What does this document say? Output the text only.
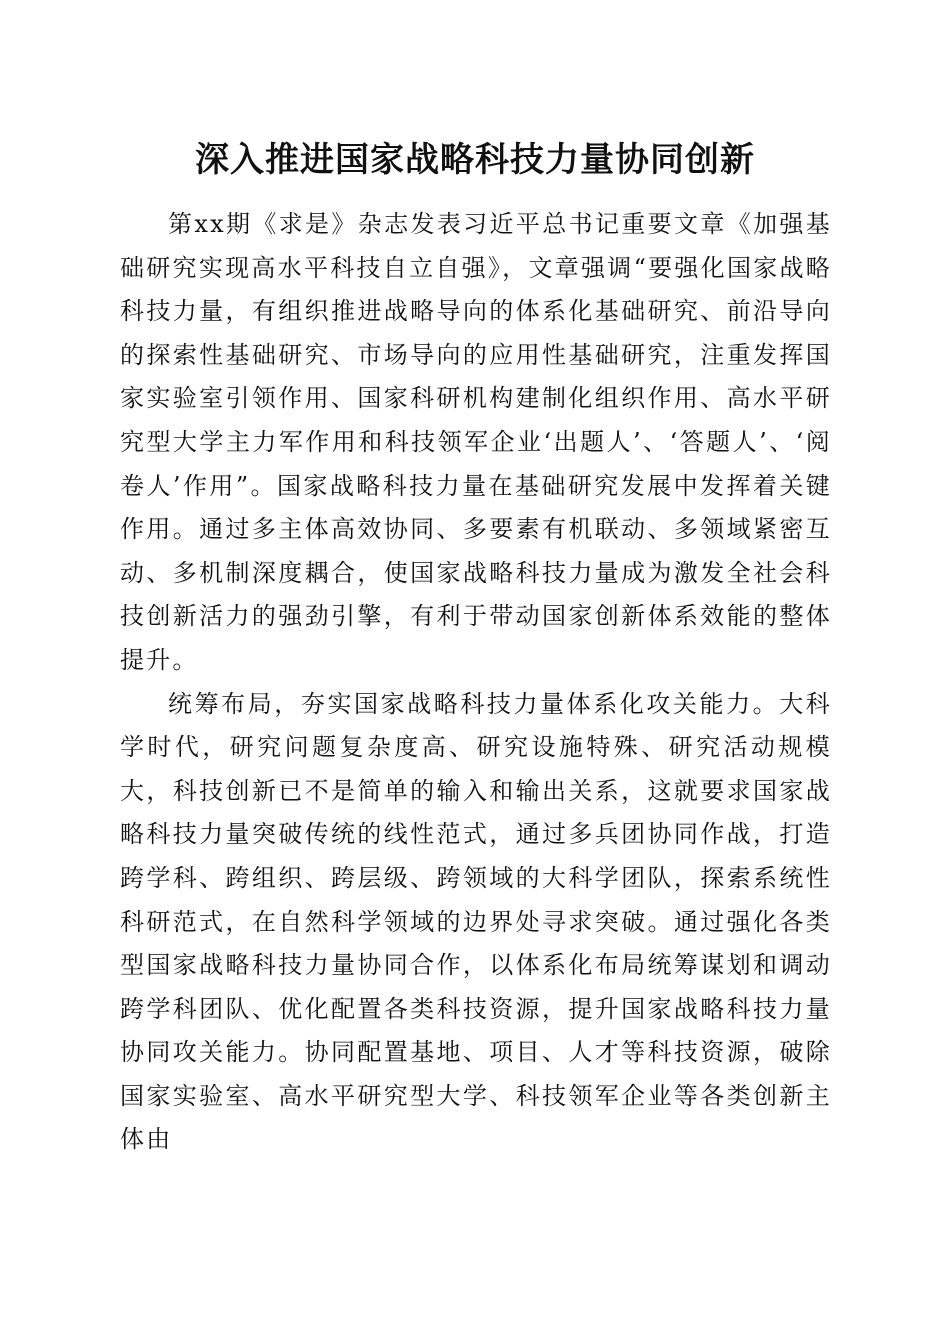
深入推进国家战略科技力量协同创新

第xx期《求是》杂志发表习近平总书记重要文章《加强基础研究实现高水平科技自立自强》，文章强调“要强化国家战略科技力量，有组织推进战略导向的体系化基础研究、前沿导向的探索性基础研究、市场导向的应用性基础研究，注重发挥国家实验室引领作用、国家科研机构建制化组织作用、高水平研究型大学主力军作用和科技领军企业‘出题人’、‘答题人’、‘阅卷人’作用”。国家战略科技力量在基础研究发展中发挥着关键作用。通过多主体高效协同、多要素有机联动、多领域紧密互动、多机制深度耦合，使国家战略科技力量成为激发全社会科技创新活力的强劲引擎，有利于带动国家创新体系效能的整体提升。

统筹布局，夯实国家战略科技力量体系化攻关能力。大科学时代，研究问题复杂度高、研究设施特殊、研究活动规模大，科技创新已不是简单的输入和输出关系，这就要求国家战略科技力量突破传统的线性范式，通过多兵团协同作战，打造跨学科、跨组织、跨层级、跨领域的大科学团队，探索系统性科研范式，在自然科学领域的边界处寻求突破。通过强化各类型国家战略科技力量协同合作，以体系化布局统筹谋划和调动跨学科团队、优化配置各类科技资源，提升国家战略科技力量协同攻关能力。协同配置基地、项目、人才等科技资源，破除国家实验室、高水平研究型大学、科技领军企业等各类创新主体由
